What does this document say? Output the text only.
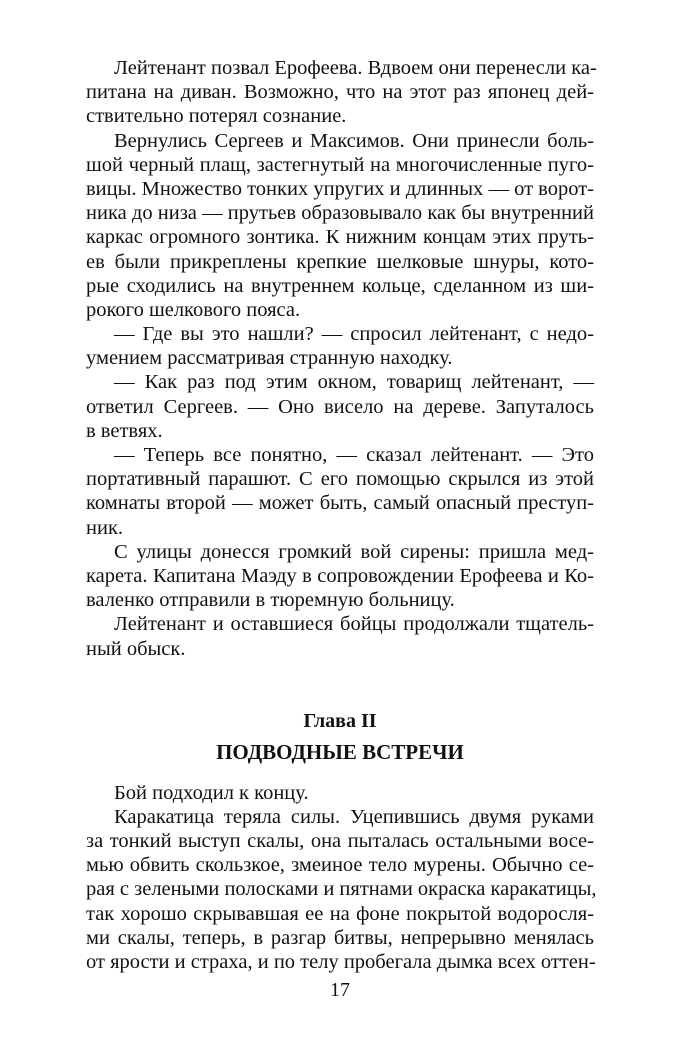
Лейтенант позвал Ерофеева. Вдвоем они перенесли ка-
питана на диван. Возможно, что на этот раз японец дей-
ствительно потерял сознание.

Вернулись Сергеев и Максимов. Они принесли боль-
шой черный плащ, застегнутый на многочисленные пуго-
вицы. Множество тонких упругих и длинных — от ворот-
ника до низа — прутьев образовывало как бы внутренний
каркас огромного зонтика. К нижним концам этих пруть-
ев были прикреплены крепкие шелковые шнуры, кото-
рые сходились на внутреннем кольце, сделанном из ши-
рокого шелкового пояса.

— Где вы это нашли? — спросил лейтенант, с недо-
умением рассматривая странную находку.

— Как раз под этим окном, товарищ лейтенант, —
ответил Сергеев. — Оно висело на дереве. Запуталось
в ветвях.

— Теперь все понятно, — сказал лейтенант. — Это
портативный парашют. С его помощью скрылся из этой
комнаты второй — может быть, самый опасный преступ-
ник.

С улицы донесся громкий вой сирены: пришла мед-
карета. Капитана Маэду в сопровождении Ерофеева и Ко-
валенко отправили в тюремную больницу.

Лейтенант и оставшиеся бойцы продолжали тщатель-
ный обыск.

Глава II
ПОДВОДНЫЕ ВСТРЕЧИ

Бой подходил к концу.

Каракатица теряла силы. Уцепившись двумя руками
за тонкий выступ скалы, она пыталась остальными восе-
мью обвить скользкое, змеиное тело мурены. Обычно се-
рая с зелеными полосками и пятнами окраска каракатицы,
так хорошо скрывавшая ее на фоне покрытой водоросля-
ми скалы, теперь, в разгар битвы, непрерывно менялась
от ярости и страха, и по телу пробегала дымка всех оттен-

17
